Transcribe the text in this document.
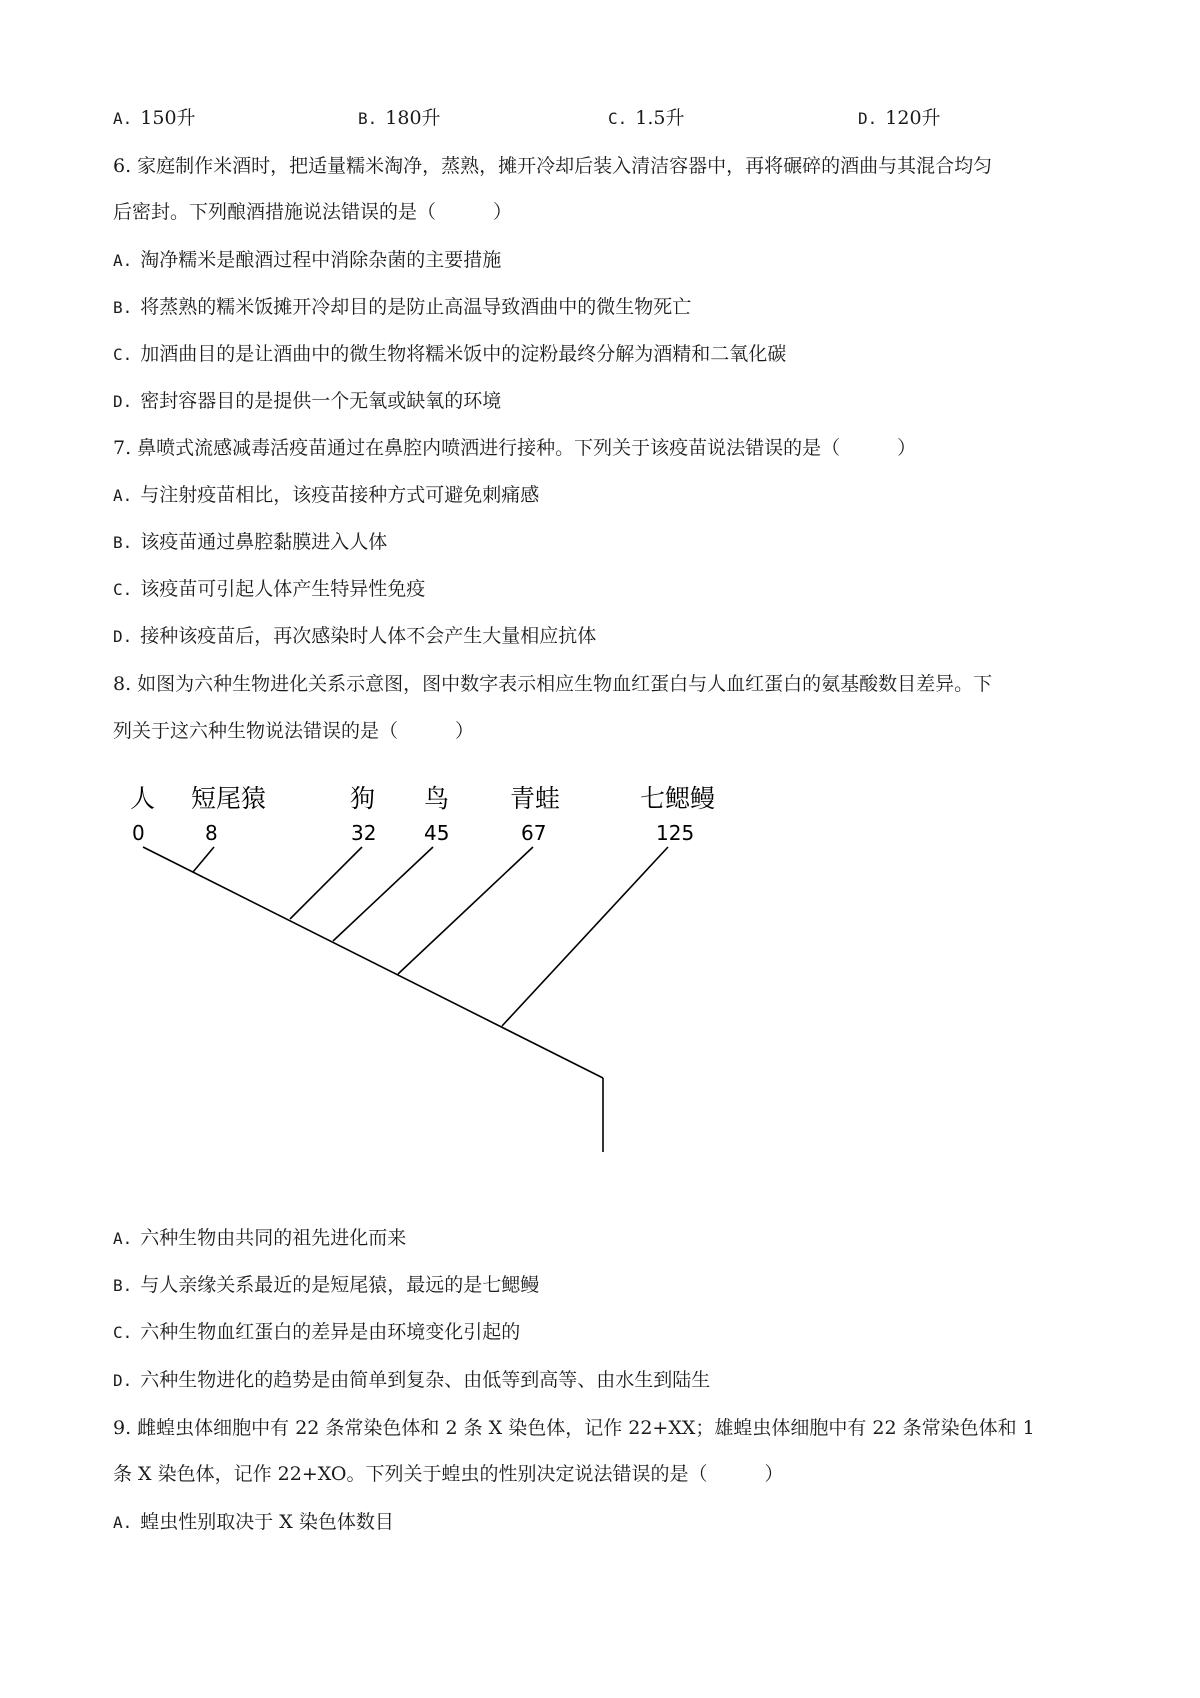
A. 150升	B. 180升	C. 1.5升	D. 120升
6. 家庭制作米酒时，把适量糯米淘净，蒸熟，摊开冷却后装入清洁容器中，再将碾碎的酒曲与其混合均匀
后密封。下列酿酒措施说法错误的是（　　　）
A. 淘净糯米是酿酒过程中消除杂菌的主要措施
B. 将蒸熟的糯米饭摊开冷却目的是防止高温导致酒曲中的微生物死亡
C. 加酒曲目的是让酒曲中的微生物将糯米饭中的淀粉最终分解为酒精和二氧化碳
D. 密封容器目的是提供一个无氧或缺氧的环境
7. 鼻喷式流感减毒活疫苗通过在鼻腔内喷洒进行接种。下列关于该疫苗说法错误的是（　　　）
A. 与注射疫苗相比，该疫苗接种方式可避免刺痛感
B. 该疫苗通过鼻腔黏膜进入人体
C. 该疫苗可引起人体产生特异性免疫
D. 接种该疫苗后，再次感染时人体不会产生大量相应抗体
8. 如图为六种生物进化关系示意图，图中数字表示相应生物血红蛋白与人血红蛋白的氨基酸数目差异。下
列关于这六种生物说法错误的是（　　　）
人 短尾猿	狗 鸟 青蛙	七鳃鳗
0	8	32 45	67	125
A. 六种生物由共同的祖先进化而来
B. 与人亲缘关系最近的是短尾猿，最远的是七鳃鳗
C. 六种生物血红蛋白的差异是由环境变化引起的
D. 六种生物进化的趋势是由简单到复杂、由低等到高等、由水生到陆生
9. 雌蝗虫体细胞中有 22 条常染色体和 2 条 X 染色体，记作 22+XX；雄蝗虫体细胞中有 22 条常染色体和 1
条 X 染色体，记作 22+XO。下列关于蝗虫的性别决定说法错误的是（　　　）
A. 蝗虫性别取决于 X 染色体数目
